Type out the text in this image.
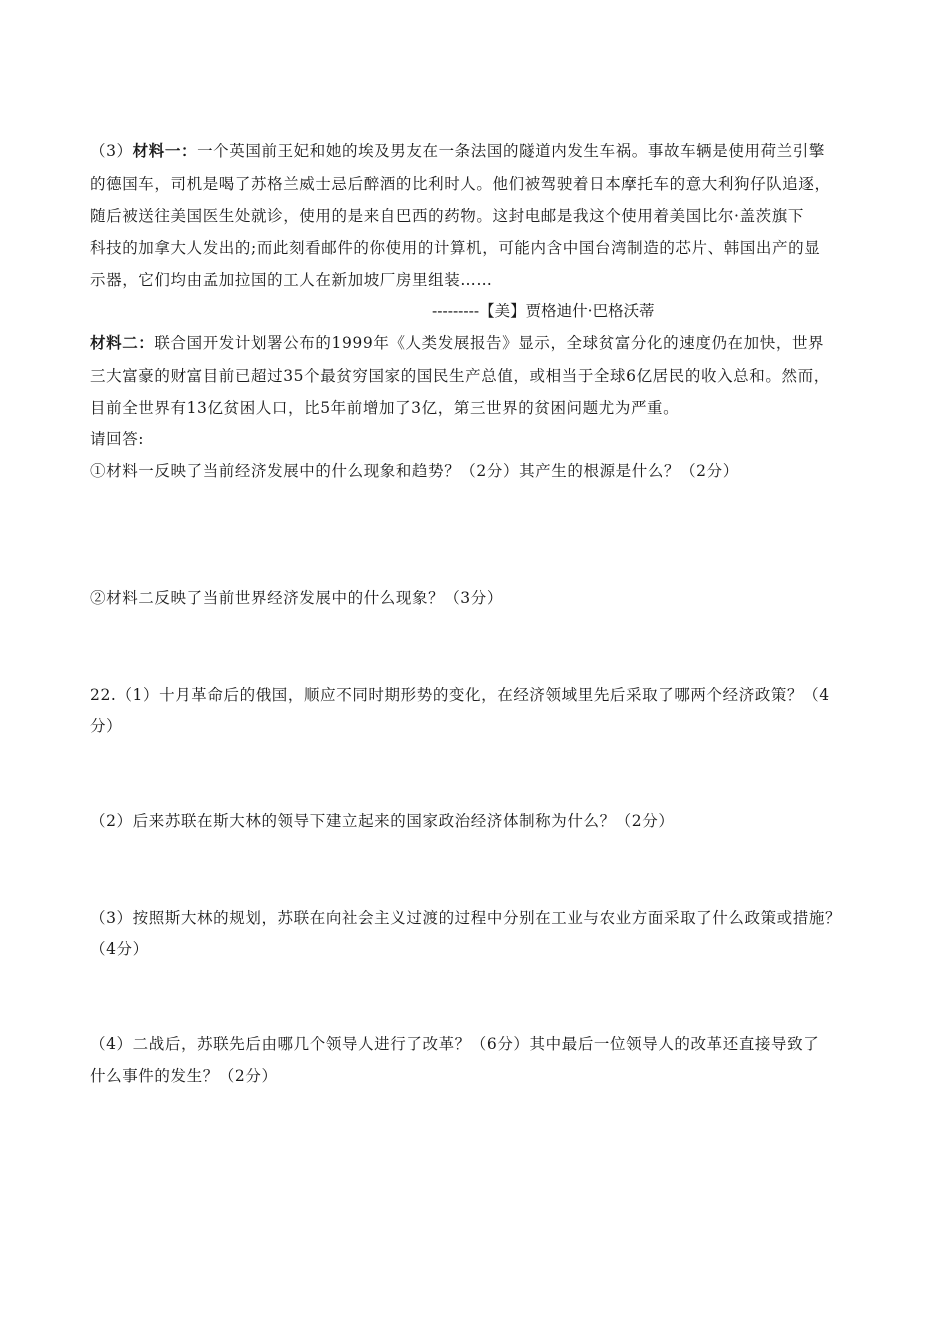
（3）材料一：一个英国前王妃和她的埃及男友在一条法国的隧道内发生车祸。事故车辆是使用荷兰引擎
的德国车，司机是喝了苏格兰威士忌后醉酒的比利时人。他们被驾驶着日本摩托车的意大利狗仔队追逐，
随后被送往美国医生处就诊，使用的是来自巴西的药物。这封电邮是我这个使用着美国比尔·盖茨旗下
科技的加拿大人发出的;而此刻看邮件的你使用的计算机，可能内含中国台湾制造的芯片、韩国出产的显
示器，它们均由孟加拉国的工人在新加坡厂房里组装……
---------【美】贾格迪什·巴格沃蒂
材料二：联合国开发计划署公布的1999年《人类发展报告》显示，全球贫富分化的速度仍在加快，世界
三大富豪的财富目前已超过35个最贫穷国家的国民生产总值，或相当于全球6亿居民的收入总和。然而，
目前全世界有13亿贫困人口，比5年前增加了3亿，第三世界的贫困问题尤为严重。
请回答:
①材料一反映了当前经济发展中的什么现象和趋势？（2分）其产生的根源是什么？（2分）
②材料二反映了当前世界经济发展中的什么现象？（3分）
22.（1）十月革命后的俄国，顺应不同时期形势的变化，在经济领域里先后采取了哪两个经济政策？（4
分）
（2）后来苏联在斯大林的领导下建立起来的国家政治经济体制称为什么？（2分）
（3）按照斯大林的规划，苏联在向社会主义过渡的过程中分别在工业与农业方面采取了什么政策或措施？
（4分）
（4）二战后，苏联先后由哪几个领导人进行了改革？（6分）其中最后一位领导人的改革还直接导致了
什么事件的发生？（2分）
